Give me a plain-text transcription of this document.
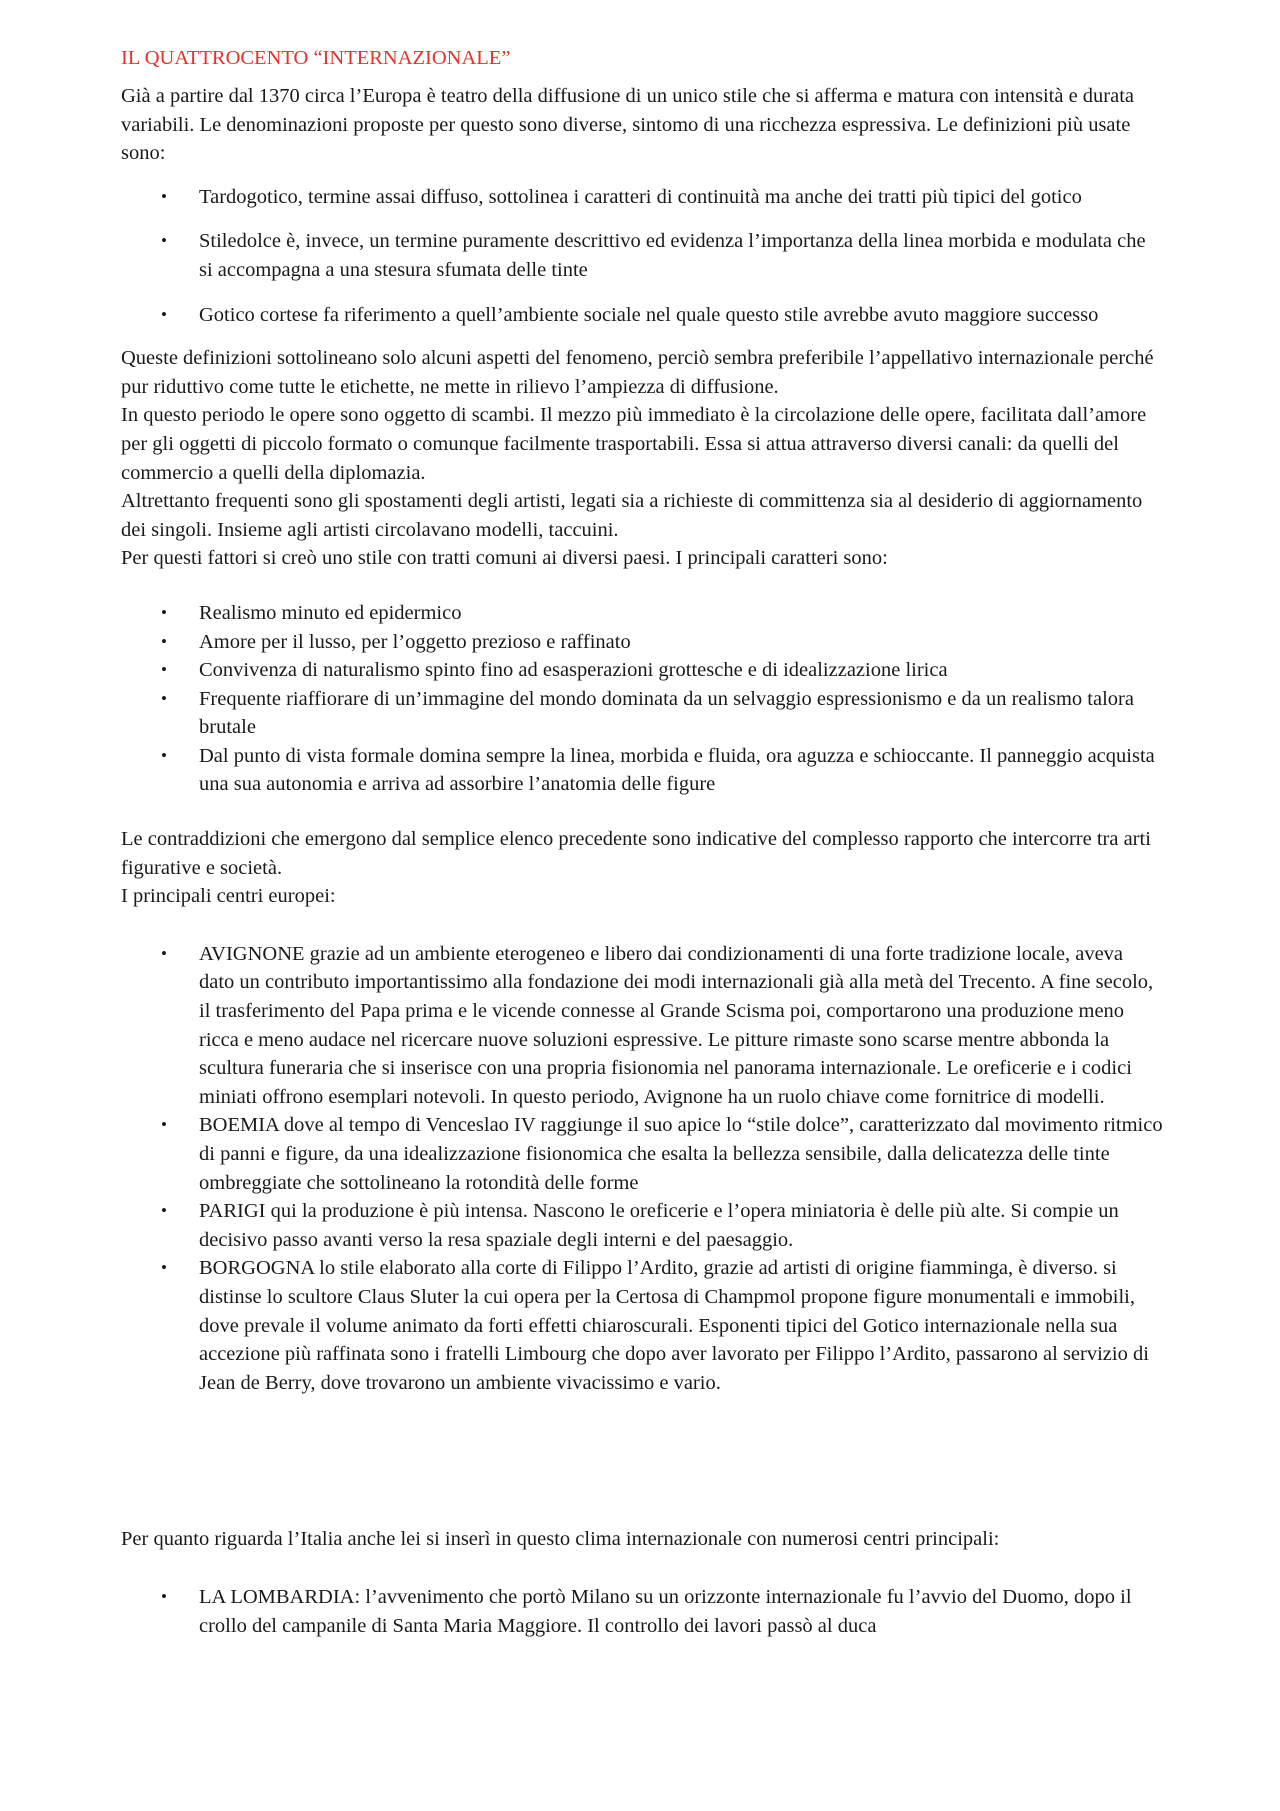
IL QUATTROCENTO “INTERNAZIONALE”

Già a partire dal 1370 circa l’Europa è teatro della diffusione di un unico stile che si afferma e matura con intensità e durata variabili. Le denominazioni proposte per questo sono diverse, sintomo di una ricchezza espressiva. Le definizioni più usate sono:

• Tardogotico, termine assai diffuso, sottolinea i caratteri di continuità ma anche dei tratti più tipici del gotico
• Stiledolce è, invece, un termine puramente descrittivo ed evidenza l’importanza della linea morbida e modulata che si accompagna a una stesura sfumata delle tinte
• Gotico cortese fa riferimento a quell’ambiente sociale nel quale questo stile avrebbe avuto maggiore successo

Queste definizioni sottolineano solo alcuni aspetti del fenomeno, perciò sembra preferibile l’appellativo internazionale perché pur riduttivo come tutte le etichette, ne mette in rilievo l’ampiezza di diffusione.

In questo periodo le opere sono oggetto di scambi. Il mezzo più immediato è la circolazione delle opere, facilitata dall’amore per gli oggetti di piccolo formato o comunque facilmente trasportabili. Essa si attua attraverso diversi canali: da quelli del commercio a quelli della diplomazia.

Altrettanto frequenti sono gli spostamenti degli artisti, legati sia a richieste di committenza sia al desiderio di aggiornamento dei singoli. Insieme agli artisti circolavano modelli, taccuini.

Per questi fattori si creò uno stile con tratti comuni ai diversi paesi. I principali caratteri sono:

• Realismo minuto ed epidermico
• Amore per il lusso, per l’oggetto prezioso e raffinato
• Convivenza di naturalismo spinto fino ad esasperazioni grottesche e di idealizzazione lirica
• Frequente riaffiorare di un’immagine del mondo dominata da un selvaggio espressionismo e da un realismo talora brutale
• Dal punto di vista formale domina sempre la linea, morbida e fluida, ora aguzza e schioccante. Il panneggio acquista una sua autonomia e arriva ad assorbire l’anatomia delle figure

Le contraddizioni che emergono dal semplice elenco precedente sono indicative del complesso rapporto che intercorre tra arti figurative e società.

I principali centri europei:

• AVIGNONE grazie ad un ambiente eterogeneo e libero dai condizionamenti di una forte tradizione locale, aveva dato un contributo importantissimo alla fondazione dei modi internazionali già alla metà del Trecento. A fine secolo, il trasferimento del Papa prima e le vicende connesse al Grande Scisma poi, comportarono una produzione meno ricca e meno audace nel ricercare nuove soluzioni espressive. Le pitture rimaste sono scarse mentre abbonda la scultura funeraria che si inserisce con una propria fisionomia nel panorama internazionale. Le oreficerie e i codici miniati offrono esemplari notevoli. In questo periodo, Avignone ha un ruolo chiave come fornitrice di modelli.
• BOEMIA dove al tempo di Venceslao IV raggiunge il suo apice lo “stile dolce”, caratterizzato dal movimento ritmico di panni e figure, da una idealizzazione fisionomica che esalta la bellezza sensibile, dalla delicatezza delle tinte ombreggiate che sottolineano la rotondità delle forme
• PARIGI qui la produzione è più intensa. Nascono le oreficerie e l’opera miniatoria è delle più alte. Si compie un decisivo passo avanti verso la resa spaziale degli interni e del paesaggio.
• BORGOGNA lo stile elaborato alla corte di Filippo l’Ardito, grazie ad artisti di origine fiamminga, è diverso. si distinse lo scultore Claus Sluter la cui opera per la Certosa di Champmol propone figure monumentali e immobili, dove prevale il volume animato da forti effetti chiaroscurali. Esponenti tipici del Gotico internazionale nella sua accezione più raffinata sono i fratelli Limbourg che dopo aver lavorato per Filippo l’Ardito, passarono al servizio di Jean de Berry, dove trovarono un ambiente vivacissimo e vario.

Per quanto riguarda l’Italia anche lei si inserì in questo clima internazionale con numerosi centri principali:

• LA LOMBARDIA: l’avvenimento che portò Milano su un orizzonte internazionale fu l’avvio del Duomo, dopo il crollo del campanile di Santa Maria Maggiore. Il controllo dei lavori passò al duca
